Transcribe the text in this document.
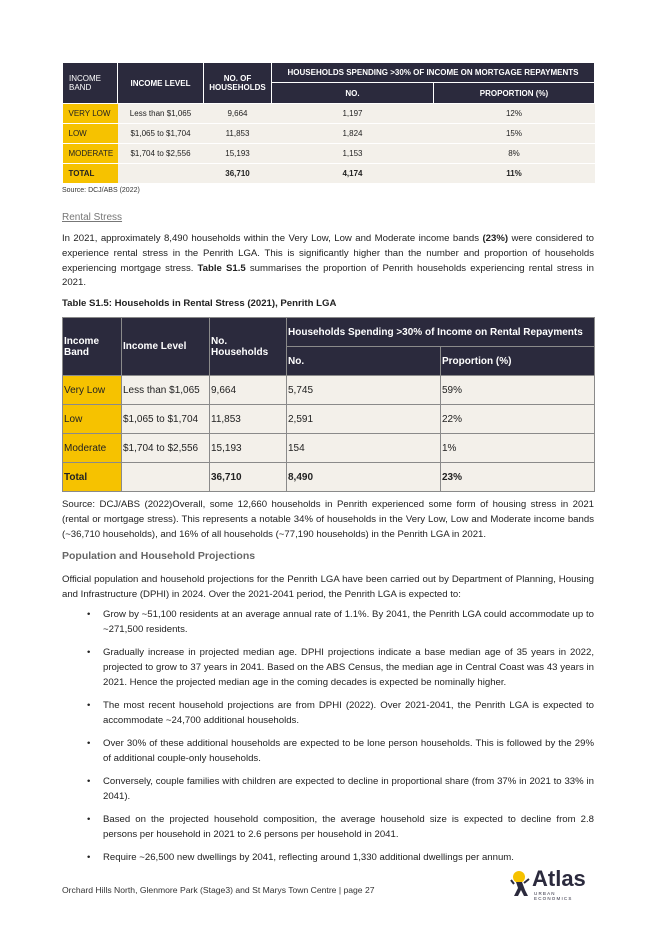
INCOME BAND	INCOME LEVEL	NO. OF HOUSEHOLDS	HOUSEHOLDS SPENDING >30% OF INCOME ON MORTGAGE REPAYMENTS	
			NO.	PROPORTION (%)
VERY LOW	Less than $1,065	9,664	1,197	12%
LOW	$1,065 to $1,704	11,853	1,824	15%
MODERATE	$1,704 to $2,556	15,193	1,153	8%
TOTAL		36,710	4,174	11%
Source: DCJ/ABS (2022)
Rental Stress

In 2021, approximately 8,490 households within the Very Low, Low and Moderate income bands (23%) were considered to experience rental stress in the Penrith LGA. This is significantly higher than the number and proportion of households experiencing mortgage stress. Table S1.5 summarises the proportion of Penrith households experiencing rental stress in 2021.

Table S1.5: Households in Rental Stress (2021), Penrith LGA
Income Band	Income Level	No. Households	Households Spending >30% of Income on Rental Repayments	
			No.	Proportion (%)
Very Low	Less than $1,065	9,664	5,745	59%
Low	$1,065 to $1,704	11,853	2,591	22%
Moderate	$1,704 to $2,556	15,193	154	1%
Total		36,710	8,490	23%

Source: DCJ/ABS (2022)Overall, some 12,660 households in Penrith experienced some form of housing stress in 2021 (rental or mortgage stress). This represents a notable 34% of households in the Very Low, Low and Moderate income bands (~36,710 households), and 16% of all households (~77,190 households) in the Penrith LGA in 2021.

Population and Household Projections

Official population and household projections for the Penrith LGA have been carried out by Department of Planning, Housing and Infrastructure (DPHI) in 2024. Over the 2021-2041 period, the Penrith LGA is expected to:

• Grow by ~51,100 residents at an average annual rate of 1.1%. By 2041, the Penrith LGA could accommodate up to ~271,500 residents.
• Gradually increase in projected median age. DPHI projections indicate a base median age of 35 years in 2022, projected to grow to 37 years in 2041. Based on the ABS Census, the median age in Central Coast was 43 years in 2021. Hence the projected median age in the coming decades is expected be nominally higher.
• The most recent household projections are from DPHI (2022). Over 2021-2041, the Penrith LGA is expected to accommodate ~24,700 additional households.
• Over 30% of these additional households are expected to be lone person households. This is followed by the 29% of additional couple-only households.
• Conversely, couple families with children are expected to decline in proportional share (from 37% in 2021 to 33% in 2041).
• Based on the projected household composition, the average household size is expected to decline from 2.8 persons per household in 2021 to 2.6 persons per household in 2041.
• Require ~26,500 new dwellings by 2041, reflecting around 1,330 additional dwellings per annum.
Orchard Hills North, Glenmore Park (Stage3) and St Marys Town Centre | page 27	Atlas
URBAN ECONOMICS
